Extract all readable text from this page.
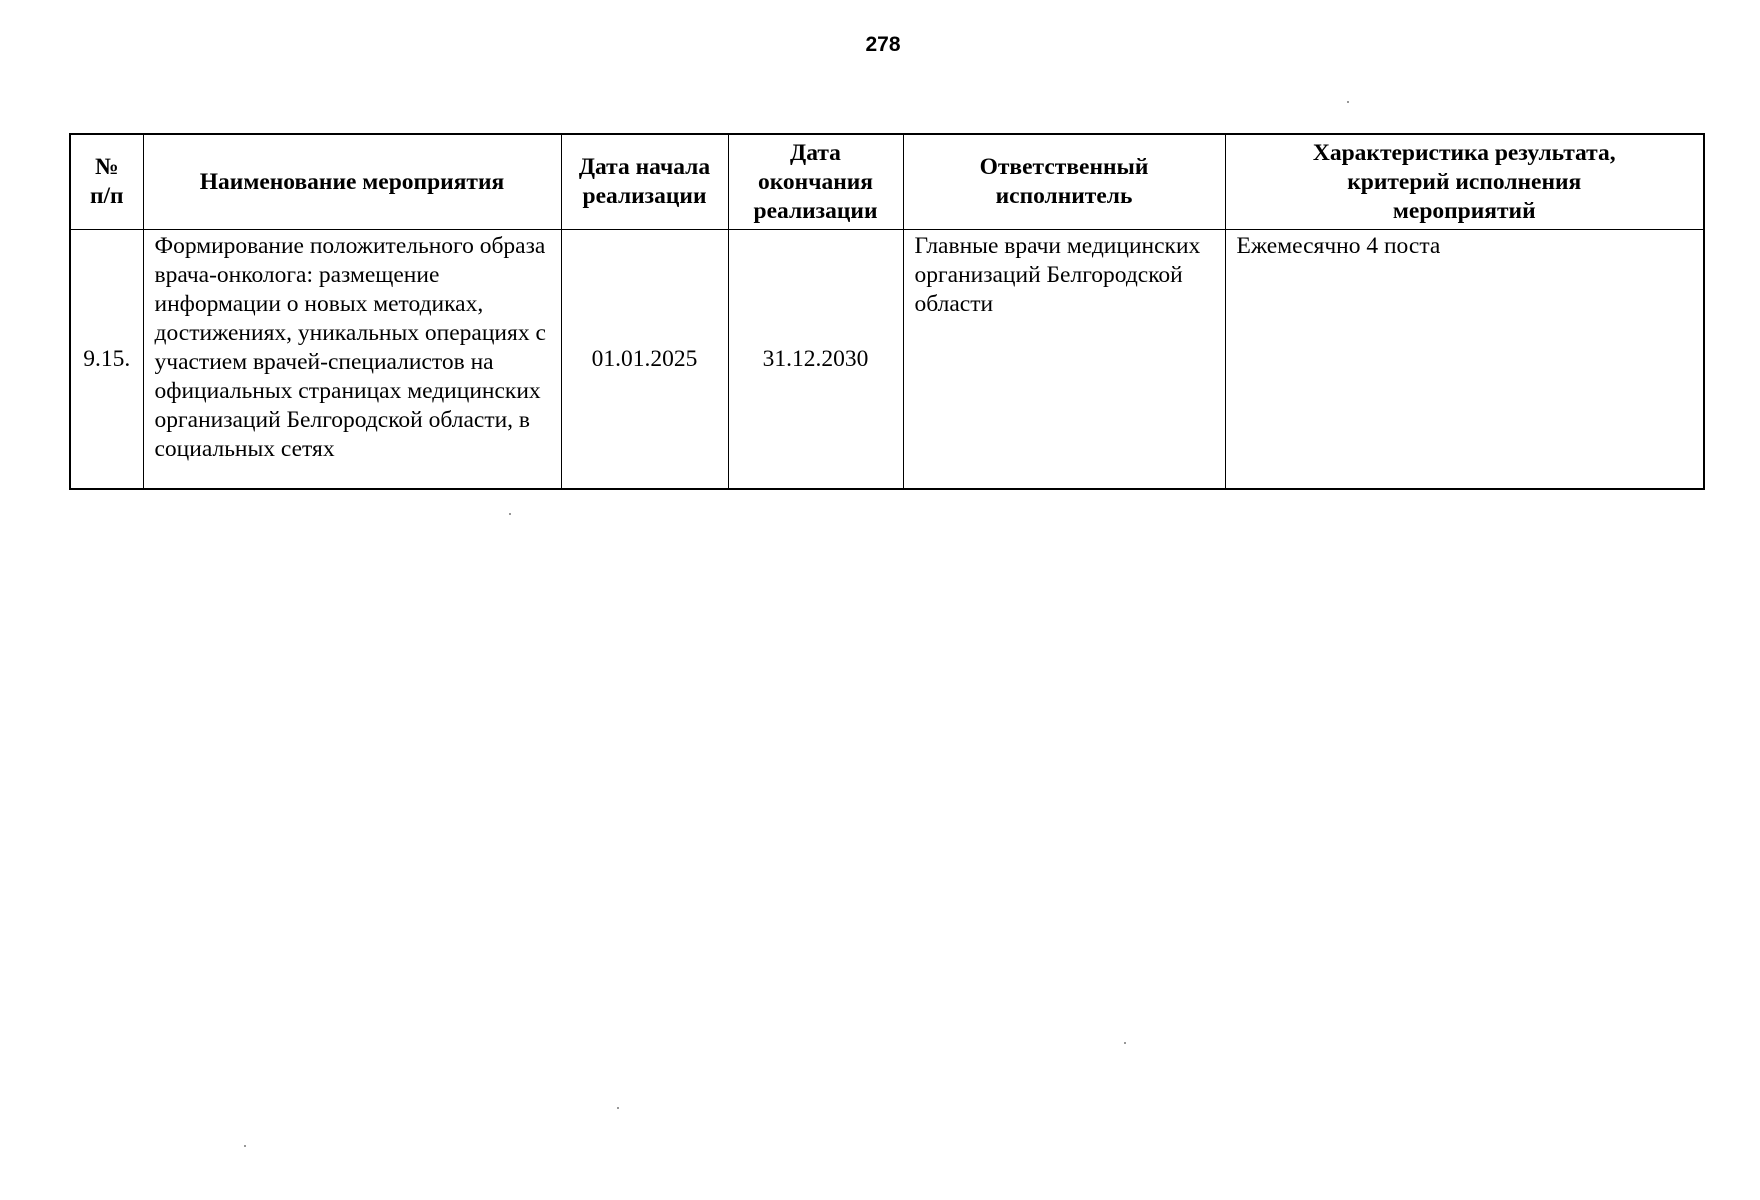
278
№ п/п	Наименование мероприятия	Дата начала реализации	Дата окончания реализации	Ответственный исполнитель	Характеристика результата, критерий исполнения мероприятий
9.15.	Формирование положительного образа врача-онколога: размещение информации о новых методиках, достижениях, уникальных операциях с участием врачей-специалистов на официальных страницах медицинских организаций Белгородской области, в социальных сетях	01.01.2025	31.12.2030	Главные врачи медицинских организаций Белгородской области	Ежемесячно 4 поста
